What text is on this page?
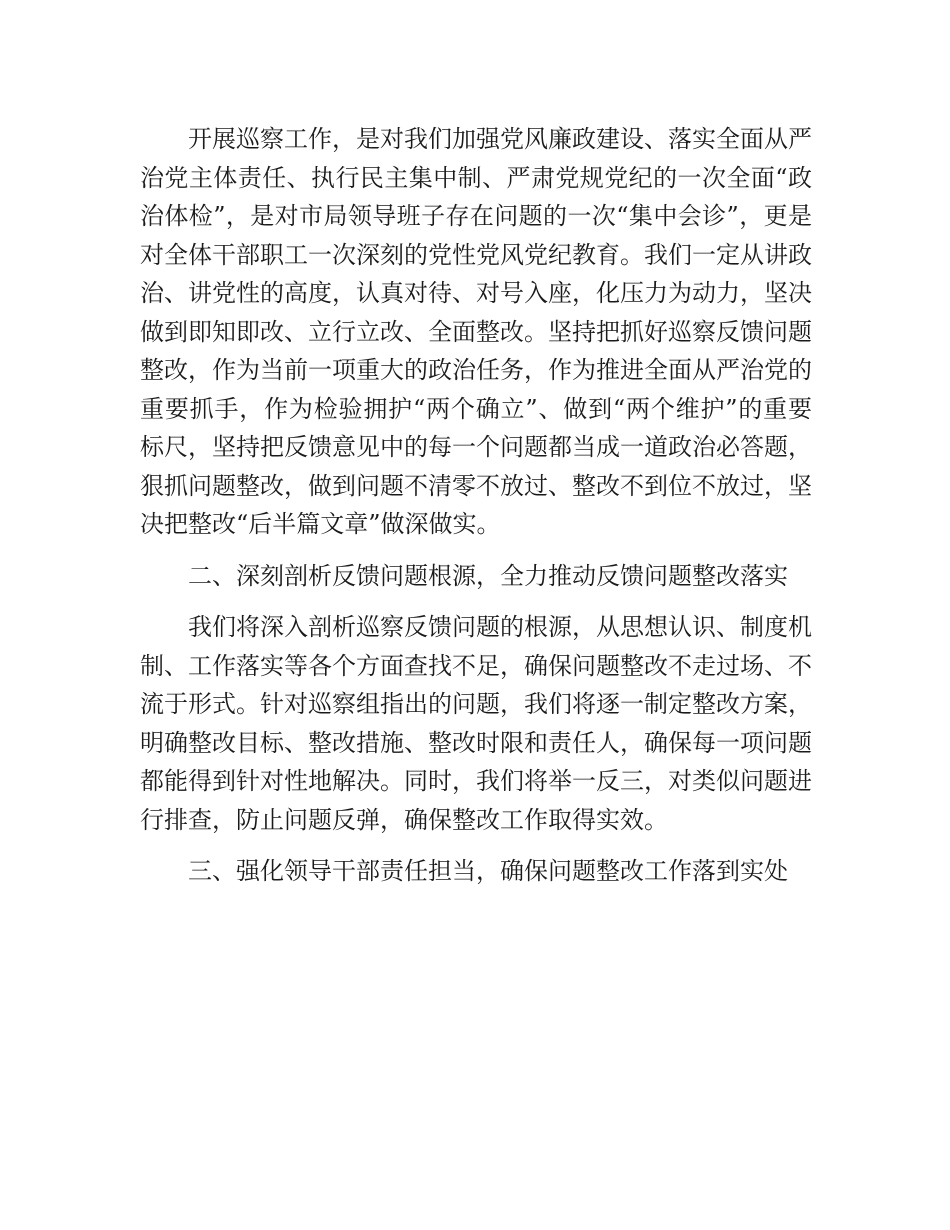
开展巡察工作，是对我们加强党风廉政建设、落实全面从严治党主体责任、执行民主集中制、严肃党规党纪的一次全面“政治体检”，是对市局领导班子存在问题的一次“集中会诊”，更是对全体干部职工一次深刻的党性党风党纪教育。我们一定从讲政治、讲党性的高度，认真对待、对号入座，化压力为动力，坚决做到即知即改、立行立改、全面整改。坚持把抓好巡察反馈问题整改，作为当前一项重大的政治任务，作为推进全面从严治党的重要抓手，作为检验拥护“两个确立”、做到“两个维护”的重要标尺，坚持把反馈意见中的每一个问题都当成一道政治必答题，狠抓问题整改，做到问题不清零不放过、整改不到位不放过，坚决把整改“后半篇文章”做深做实。

二、深刻剖析反馈问题根源，全力推动反馈问题整改落实

我们将深入剖析巡察反馈问题的根源，从思想认识、制度机制、工作落实等各个方面查找不足，确保问题整改不走过场、不流于形式。针对巡察组指出的问题，我们将逐一制定整改方案，明确整改目标、整改措施、整改时限和责任人，确保每一项问题都能得到针对性地解决。同时，我们将举一反三，对类似问题进行排查，防止问题反弹，确保整改工作取得实效。

三、强化领导干部责任担当，确保问题整改工作落到实处
